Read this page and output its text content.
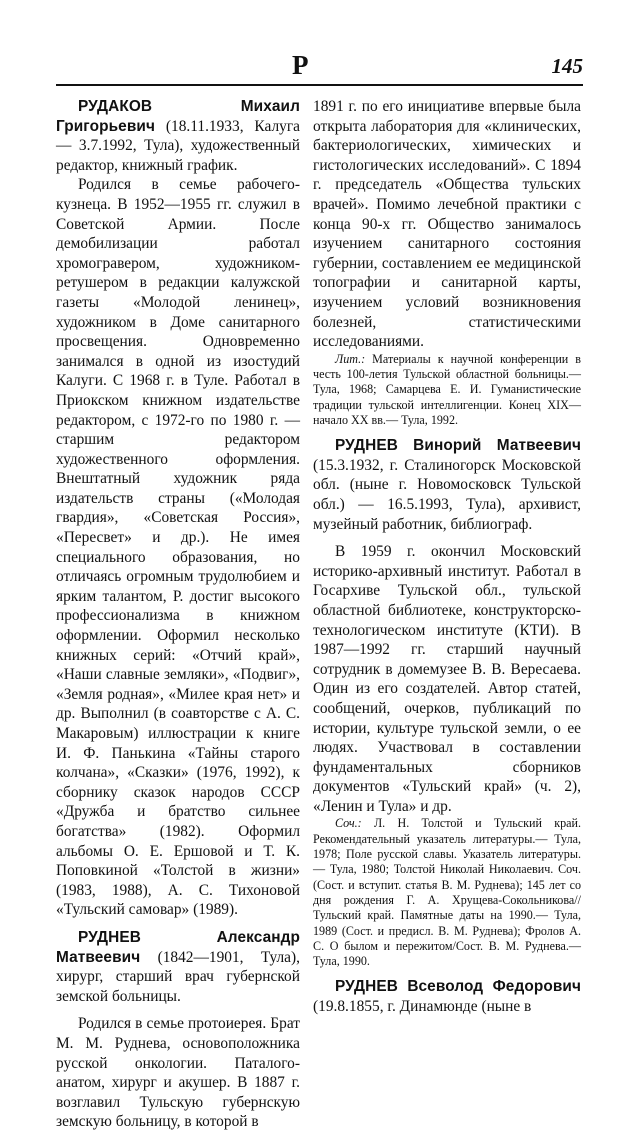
Р	145

РУДАКОВ Михаил Григорьевич (18.11.1933, Калуга — 3.7.1992, Тула), художественный редактор, книжный график.

Родился в семье рабочего-кузнеца. В 1952—1955 гг. служил в Советской Армии. После демобилизации работал хромогравером, художником-ретушером в редакции калужской газеты «Молодой ленинец», художником в Доме санитарного просвещения. Одновременно занимался в одной из изостудий Калуги. С 1968 г. в Туле. Работал в Приокском книжном издательстве редактором, с 1972-го по 1980 г. — старшим редактором художественного оформления. Внештатный художник ряда издательств страны («Молодая гвардия», «Советская Россия», «Пересвет» и др.). Не имея специального образования, но отличаясь огромным трудолюбием и ярким талантом, Р. достиг высокого профессионализма в книжном оформлении. Оформил несколько книжных серий: «Отчий край», «Наши славные земляки», «Подвиг», «Земля родная», «Милее края нет» и др. Выполнил (в соавторстве с А. С. Макаровым) иллюстрации к книге И. Ф. Панькина «Тайны старого колчана», «Сказки» (1976, 1992), к сборнику сказок народов СССР «Дружба и братство сильнее богатства» (1982). Оформил альбомы О. Е. Ершовой и Т. К. Поповкиной «Толстой в жизни» (1983, 1988), А. С. Тихоновой «Тульский самовар» (1989).

РУДНЕВ Александр Матвеевич (1842—1901, Тула), хирург, старший врач губернской земской больницы.

Родился в семье протоиерея. Брат М. М. Руднева, основоположника русской онкологии. Паталого-анатом, хирург и акушер. В 1887 г. возглавил Тульскую губернскую земскую больницу, в которой в

1891 г. по его инициативе впервые была открыта лаборатория для «клинических, бактериологических, химических и гистологических исследований». С 1894 г. председатель «Общества тульских врачей». Помимо лечебной практики с конца 90-х гг. Общество занималось изучением санитарного состояния губернии, составлением ее медицинской топографии и санитарной карты, изучением условий возникновения болезней, статистическими исследованиями.

Лит.: Материалы к научной конференции в честь 100-летия Тульской областной больницы.— Тула, 1968; Самарцева Е. И. Гуманистические традиции тульской интеллигенции. Конец XIX—начало XX вв.— Тула, 1992.

РУДНЕВ Винорий Матвеевич (15.3.1932, г. Сталиногорск Московской обл. (ныне г. Новомосковск Тульской обл.) — 16.5.1993, Тула), архивист, музейный работник, библиограф.

В 1959 г. окончил Московский историко-архивный институт. Работал в Госархиве Тульской обл., тульской областной библиотеке, конструкторско-технологическом институте (КТИ). В 1987—1992 гг. старший научный сотрудник в домемузее В. В. Вересаева. Один из его создателей. Автор статей, сообщений, очерков, публикаций по истории, культуре тульской земли, о ее людях. Участвовал в составлении фундаментальных сборников документов «Тульский край» (ч. 2), «Ленин и Тула» и др.

Соч.: Л. Н. Толстой и Тульский край. Рекомендательный указатель литературы.— Тула, 1978; Поле русской славы. Указатель литературы.— Тула, 1980; Толстой Николай Николаевич. Соч. (Сост. и вступит. статья В. М. Руднева); 145 лет со дня рождения Г. А. Хрущева-Сокольникова//Тульский край. Памятные даты на 1990.— Тула, 1989 (Сост. и предисл. В. М. Руднева); Фролов А. С. О былом и пережитом/Сост. В. М. Руднева.— Тула, 1990.

РУДНЕВ Всеволод Федорович (19.8.1855, г. Динамюнде (ныне в
